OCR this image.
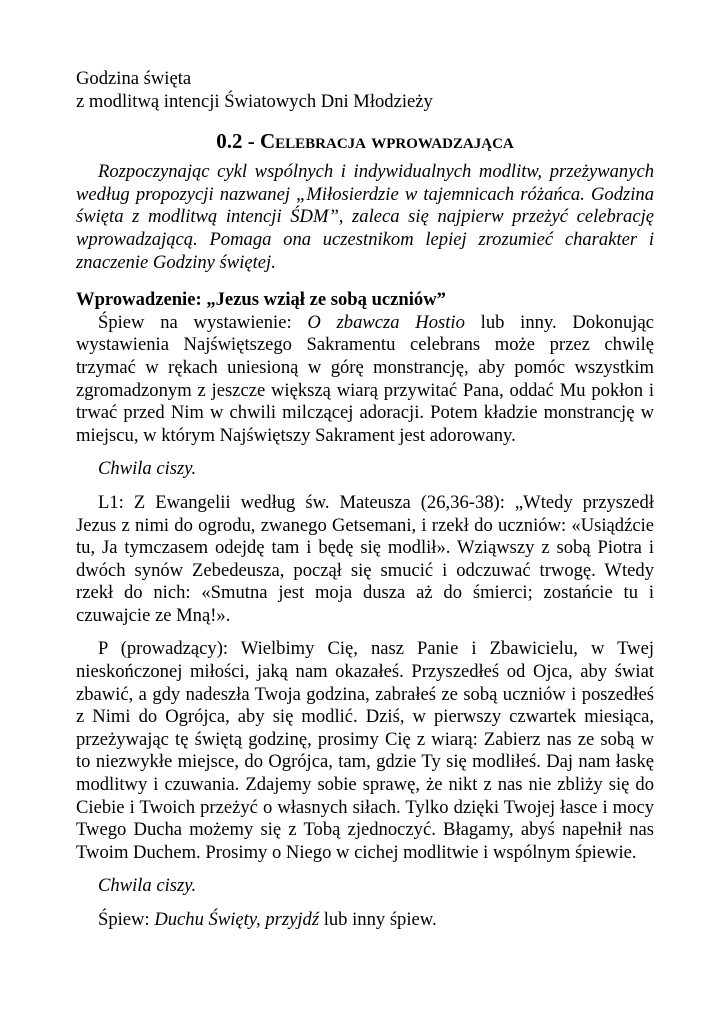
Godzina święta
z modlitwą intencji Światowych Dni Młodzieży
0.2 - Celebracja wprowadzająca

Rozpoczynając cykl wspólnych i indywidualnych modlitw, przeżywanych według propozycji nazwanej „Miłosierdzie w tajemnicach różańca. Godzina święta z modlitwą intencji ŚDM”, zaleca się najpierw przeżyć celebrację wprowadzającą. Pomaga ona uczestnikom lepiej zrozumieć charakter i znaczenie Godziny świętej.

Wprowadzenie: „Jezus wziął ze sobą uczniów”

Śpiew na wystawienie: O zbawcza Hostio lub inny. Dokonując wystawienia Najświętszego Sakramentu celebrans może przez chwilę trzymać w rękach uniesioną w górę monstrancję, aby pomóc wszystkim zgromadzonym z jeszcze większą wiarą przywitać Pana, oddać Mu pokłon i trwać przed Nim w chwili milczącej adoracji. Potem kładzie monstrancję w miejscu, w którym Najświętszy Sakrament jest adorowany.

Chwila ciszy.

L1: Z Ewangelii według św. Mateusza (26,36-38): „Wtedy przyszedł Jezus z nimi do ogrodu, zwanego Getsemani, i rzekł do uczniów: «Usiądźcie tu, Ja tymczasem odejdę tam i będę się modlił». Wziąwszy z sobą Piotra i dwóch synów Zebedeusza, począł się smucić i odczuwać trwogę. Wtedy rzekł do nich: «Smutna jest moja dusza aż do śmierci; zostańcie tu i czuwajcie ze Mną!».

P (prowadzący): Wielbimy Cię, nasz Panie i Zbawicielu, w Twej nieskończonej miłości, jaką nam okazałeś. Przyszedłeś od Ojca, aby świat zbawić, a gdy nadeszła Twoja godzina, zabrałeś ze sobą uczniów i poszedłeś z Nimi do Ogrójca, aby się modlić. Dziś, w pierwszy czwartek miesiąca, przeżywając tę świętą godzinę, prosimy Cię z wiarą: Zabierz nas ze sobą w to niezwykłe miejsce, do Ogrójca, tam, gdzie Ty się modliłeś. Daj nam łaskę modlitwy i czuwania. Zdajemy sobie sprawę, że nikt z nas nie zbliży się do Ciebie i Twoich przeżyć o własnych siłach. Tylko dzięki Twojej łasce i mocy Twego Ducha możemy się z Tobą zjednoczyć. Błagamy, abyś napełnił nas Twoim Duchem. Prosimy o Niego w cichej modlitwie i wspólnym śpiewie.

Chwila ciszy.

Śpiew: Duchu Święty, przyjdź lub inny śpiew.
